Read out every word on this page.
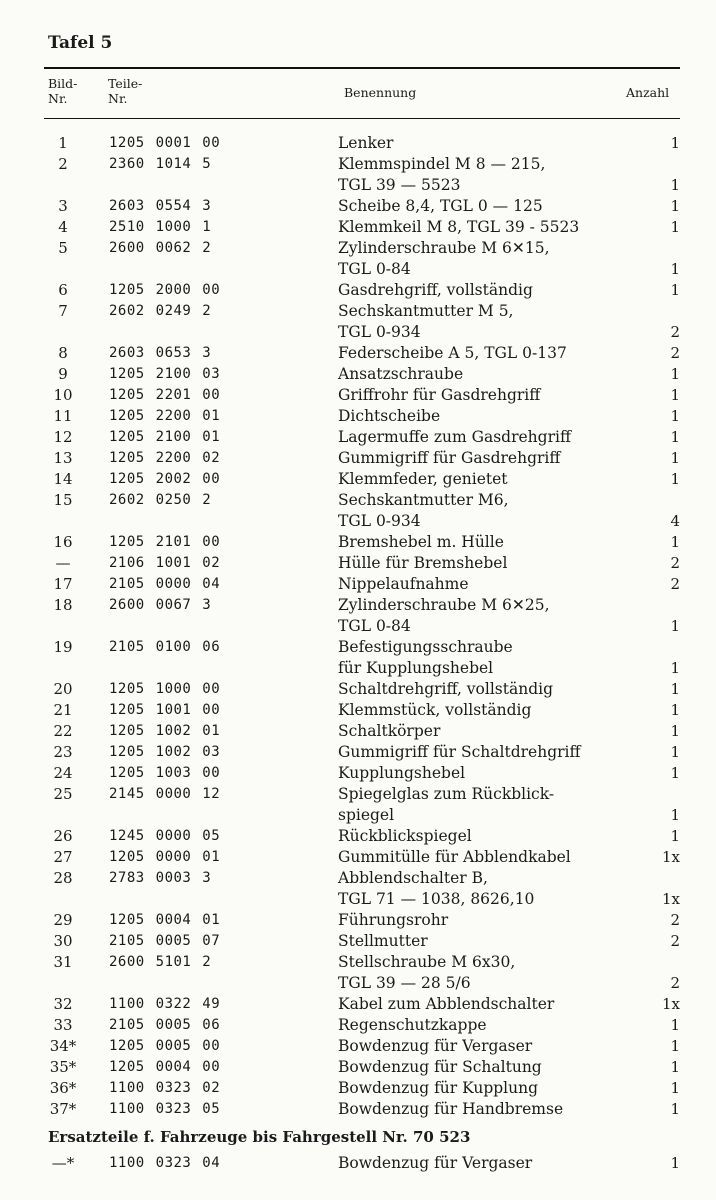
Tafel 5
Bild-
Nr.
Teile-
Nr.	Benennung	Anzahl
1	1205 0001 00	Lenker	1
2	2360 1014 5	Klemmspindel M 8 — 215,
TGL 39 — 5523	1
3	2603 0554 3	Scheibe 8,4, TGL 0 — 125	1
4	2510 1000 1	Klemmkeil M 8, TGL 39 - 5523	1
5	2600 0062 2	Zylinderschraube M 6✕15,
TGL 0-84	1
6	1205 2000 00	Gasdrehgriff, vollständig	1
7	2602 0249 2	Sechskantmutter M 5,
TGL 0-934	2
8	2603 0653 3	Federscheibe A 5, TGL 0-137	2
9	1205 2100 03	Ansatzschraube	1
10	1205 2201 00	Griffrohr für Gasdrehgriff	1
11	1205 2200 01	Dichtscheibe	1
12	1205 2100 01	Lagermuffe zum Gasdrehgriff	1
13	1205 2200 02	Gummigriff für Gasdrehgriff	1
14	1205 2002 00	Klemmfeder, genietet	1
15	2602 0250 2	Sechskantmutter M6,
TGL 0-934	4
16	1205 2101 00	Bremshebel m. Hülle	1
—	2106 1001 02	Hülle für Bremshebel	2
17	2105 0000 04	Nippelaufnahme	2
18	2600 0067 3	Zylinderschraube M 6✕25,
TGL 0-84	1
19	2105 0100 06	Befestigungsschraube
für Kupplungshebel	1
20	1205 1000 00	Schaltdrehgriff, vollständig	1
21	1205 1001 00	Klemmstück, vollständig	1
22	1205 1002 01	Schaltkörper	1
23	1205 1002 03	Gummigriff für Schaltdrehgriff	1
24	1205 1003 00	Kupplungshebel	1
25	2145 0000 12	Spiegelglas zum Rückblick-
spiegel	1
26	1245 0000 05	Rückblickspiegel	1
27	1205 0000 01	Gummitülle für Abblendkabel	1x
28	2783 0003 3	Abblendschalter B,
TGL 71 — 1038, 8626,10	1x
29	1205 0004 01	Führungsrohr	2
30	2105 0005 07	Stellmutter	2
31	2600 5101 2	Stellschraube M 6x30,
TGL 39 — 28 5/6	2
32	1100 0322 49	Kabel zum Abblendschalter	1x
33	2105 0005 06	Regenschutzkappe	1
34*	1205 0005 00	Bowdenzug für Vergaser	1
35*	1205 0004 00	Bowdenzug für Schaltung	1
36*	1100 0323 02	Bowdenzug für Kupplung	1
37*	1100 0323 05	Bowdenzug für Handbremse	1
Ersatzteile f. Fahrzeuge bis Fahrgestell Nr. 70 523
—*	1100 0323 04	Bowdenzug für Vergaser	1
